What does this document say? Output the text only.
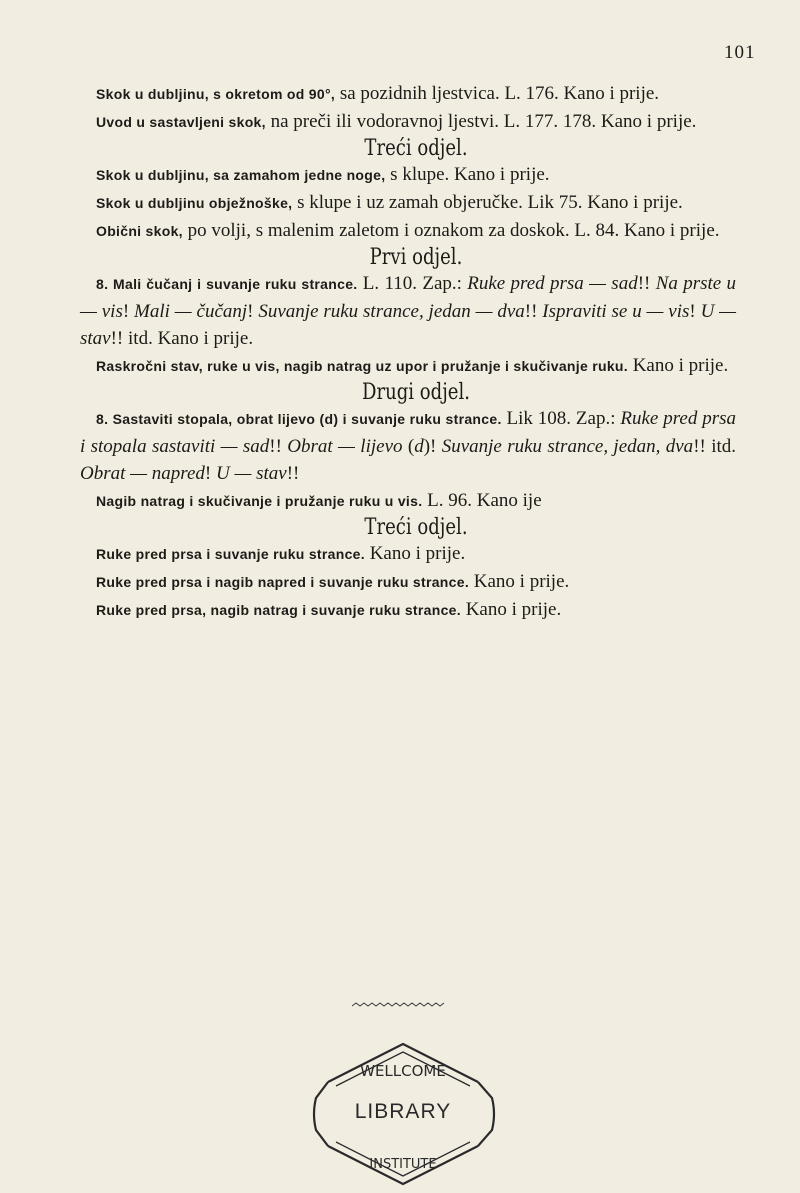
101

Skok u dubljinu, s okretom od 90°, sa pozidnih ljestvica. L. 176. Kano i prije.

Uvod u sastavljeni skok, na preči ili vodoravnoj ljestvi. L. 177. 178. Kano i prije.

Treći odjel.

Skok u dubljinu, sa zamahom jedne noge, s klupe. Kano i prije.

Skok u dubljinu obježnoške, s klupe i uz zamah objeručke. Lik 75. Kano i prije.

Obični skok, po volji, s malenim zaletom i oznakom za doskok. L. 84. Kano i prije.

Prvi odjel.

8. Mali čučanj i suvanje ruku strance. L. 110. Zap.: Ruke pred prsa — sad!! Na prste u — vis! Mali — čučanj! Suvanje ruku strance, jedan — dva!! Ispraviti se u — vis! U — stav!! itd. Kano i prije.

Raskročni stav, ruke u vis, nagib natrag uz upor i pružanje i skučivanje ruku. Kano i prije.

Drugi odjel.

8. Sastaviti stopala, obrat lijevo (d) i suvanje ruku strance. Lik 108. Zap.: Ruke pred prsa i stopala sastaviti — sad!! Obrat — lijevo (d)! Suvanje ruku strance, jedan, dva!! itd. Obrat — napred! U — stav!!

Nagib natrag i skučivanje i pružanje ruku u vis. L. 96. Kano ije

Treći odjel.

Ruke pred prsa i suvanje ruku strance. Kano i prije.

Ruke pred prsa i nagib napred i suvanje ruku strance. Kano i prije.

Ruke pred prsa, nagib natrag i suvanje ruku strance. Kano i prije.

WELLCOME
INSTITUTE
LIBRARY
